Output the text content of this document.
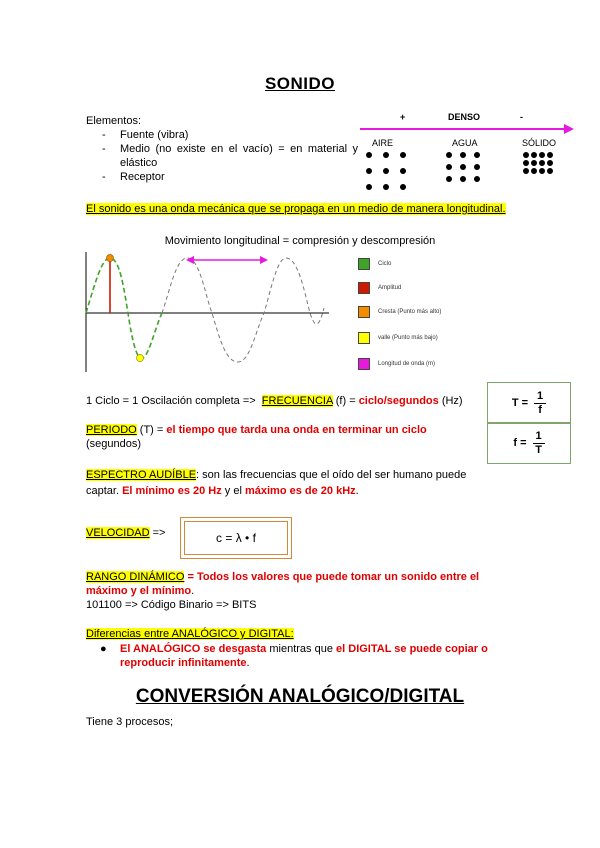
SONIDO
Elementos:
- Fuente (vibra)
- Medio (no existe en el vacío) = en material y elástico
- Receptor
+	DENSO	-
AIRE	AGUA	SÓLIDO
El sonido es una onda mecánica que se propaga en un medio de manera longitudinal.
Movimiento longitudinal = compresión y descompresión
Ciclo
Amplitud
Cresta (Punto más alto)
valle (Punto más bajo)
Longitud de onda (m)
1 Ciclo = 1 Oscilación completa => FRECUENCIA (f) = ciclo/segundos (Hz)
PERIODO (T) = el tiempo que tarda una onda en terminar un ciclo
(segundos)
$T = \frac{1}{f}$
$f = \frac{1}{T}$
ESPECTRO AUDÍBLE: son las frecuencias que el oído del ser humano puede captar. El mínimo es 20 Hz y el máximo es de 20 kHz.
VELOCIDAD =>	c = λ • f
RANGO DINÁMICO = Todos los valores que puede tomar un sonido entre el máximo y el mínimo.
101100 => Código Binario => BITS
Diferencias entre ANALÓGICO y DIGITAL:
●	El ANALÓGICO se desgasta mientras que el DIGITAL se puede copiar o reproducir infinitamente.
CONVERSIÓN ANALÓGICO/DIGITAL
Tiene 3 procesos;
